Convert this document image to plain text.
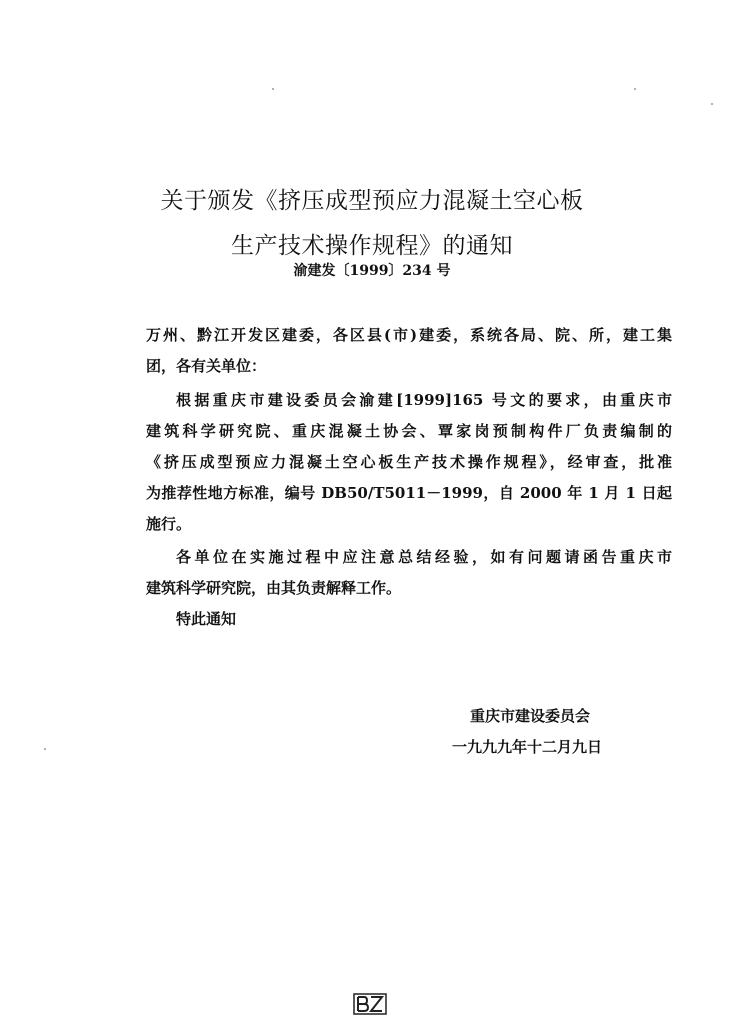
关于颁发《挤压成型预应力混凝土空心板
生产技术操作规程》的通知
渝建发〔1999〕234 号
万州、黔江开发区建委，各区县(市)建委，系统各局、院、所，建工集
团，各有关单位：
根据重庆市建设委员会渝建[1999]165 号文的要求，由重庆市
建筑科学研究院、重庆混凝土协会、覃家岗预制构件厂负责编制的
《挤压成型预应力混凝土空心板生产技术操作规程》，经审查，批准
为推荐性地方标准，编号 DB50/T5011－1999，自 2000 年 1 月 1 日起
施行。
各单位在实施过程中应注意总结经验，如有问题请函告重庆市
建筑科学研究院，由其负责解释工作。
特此通知
重庆市建设委员会
一九九九年十二月九日
